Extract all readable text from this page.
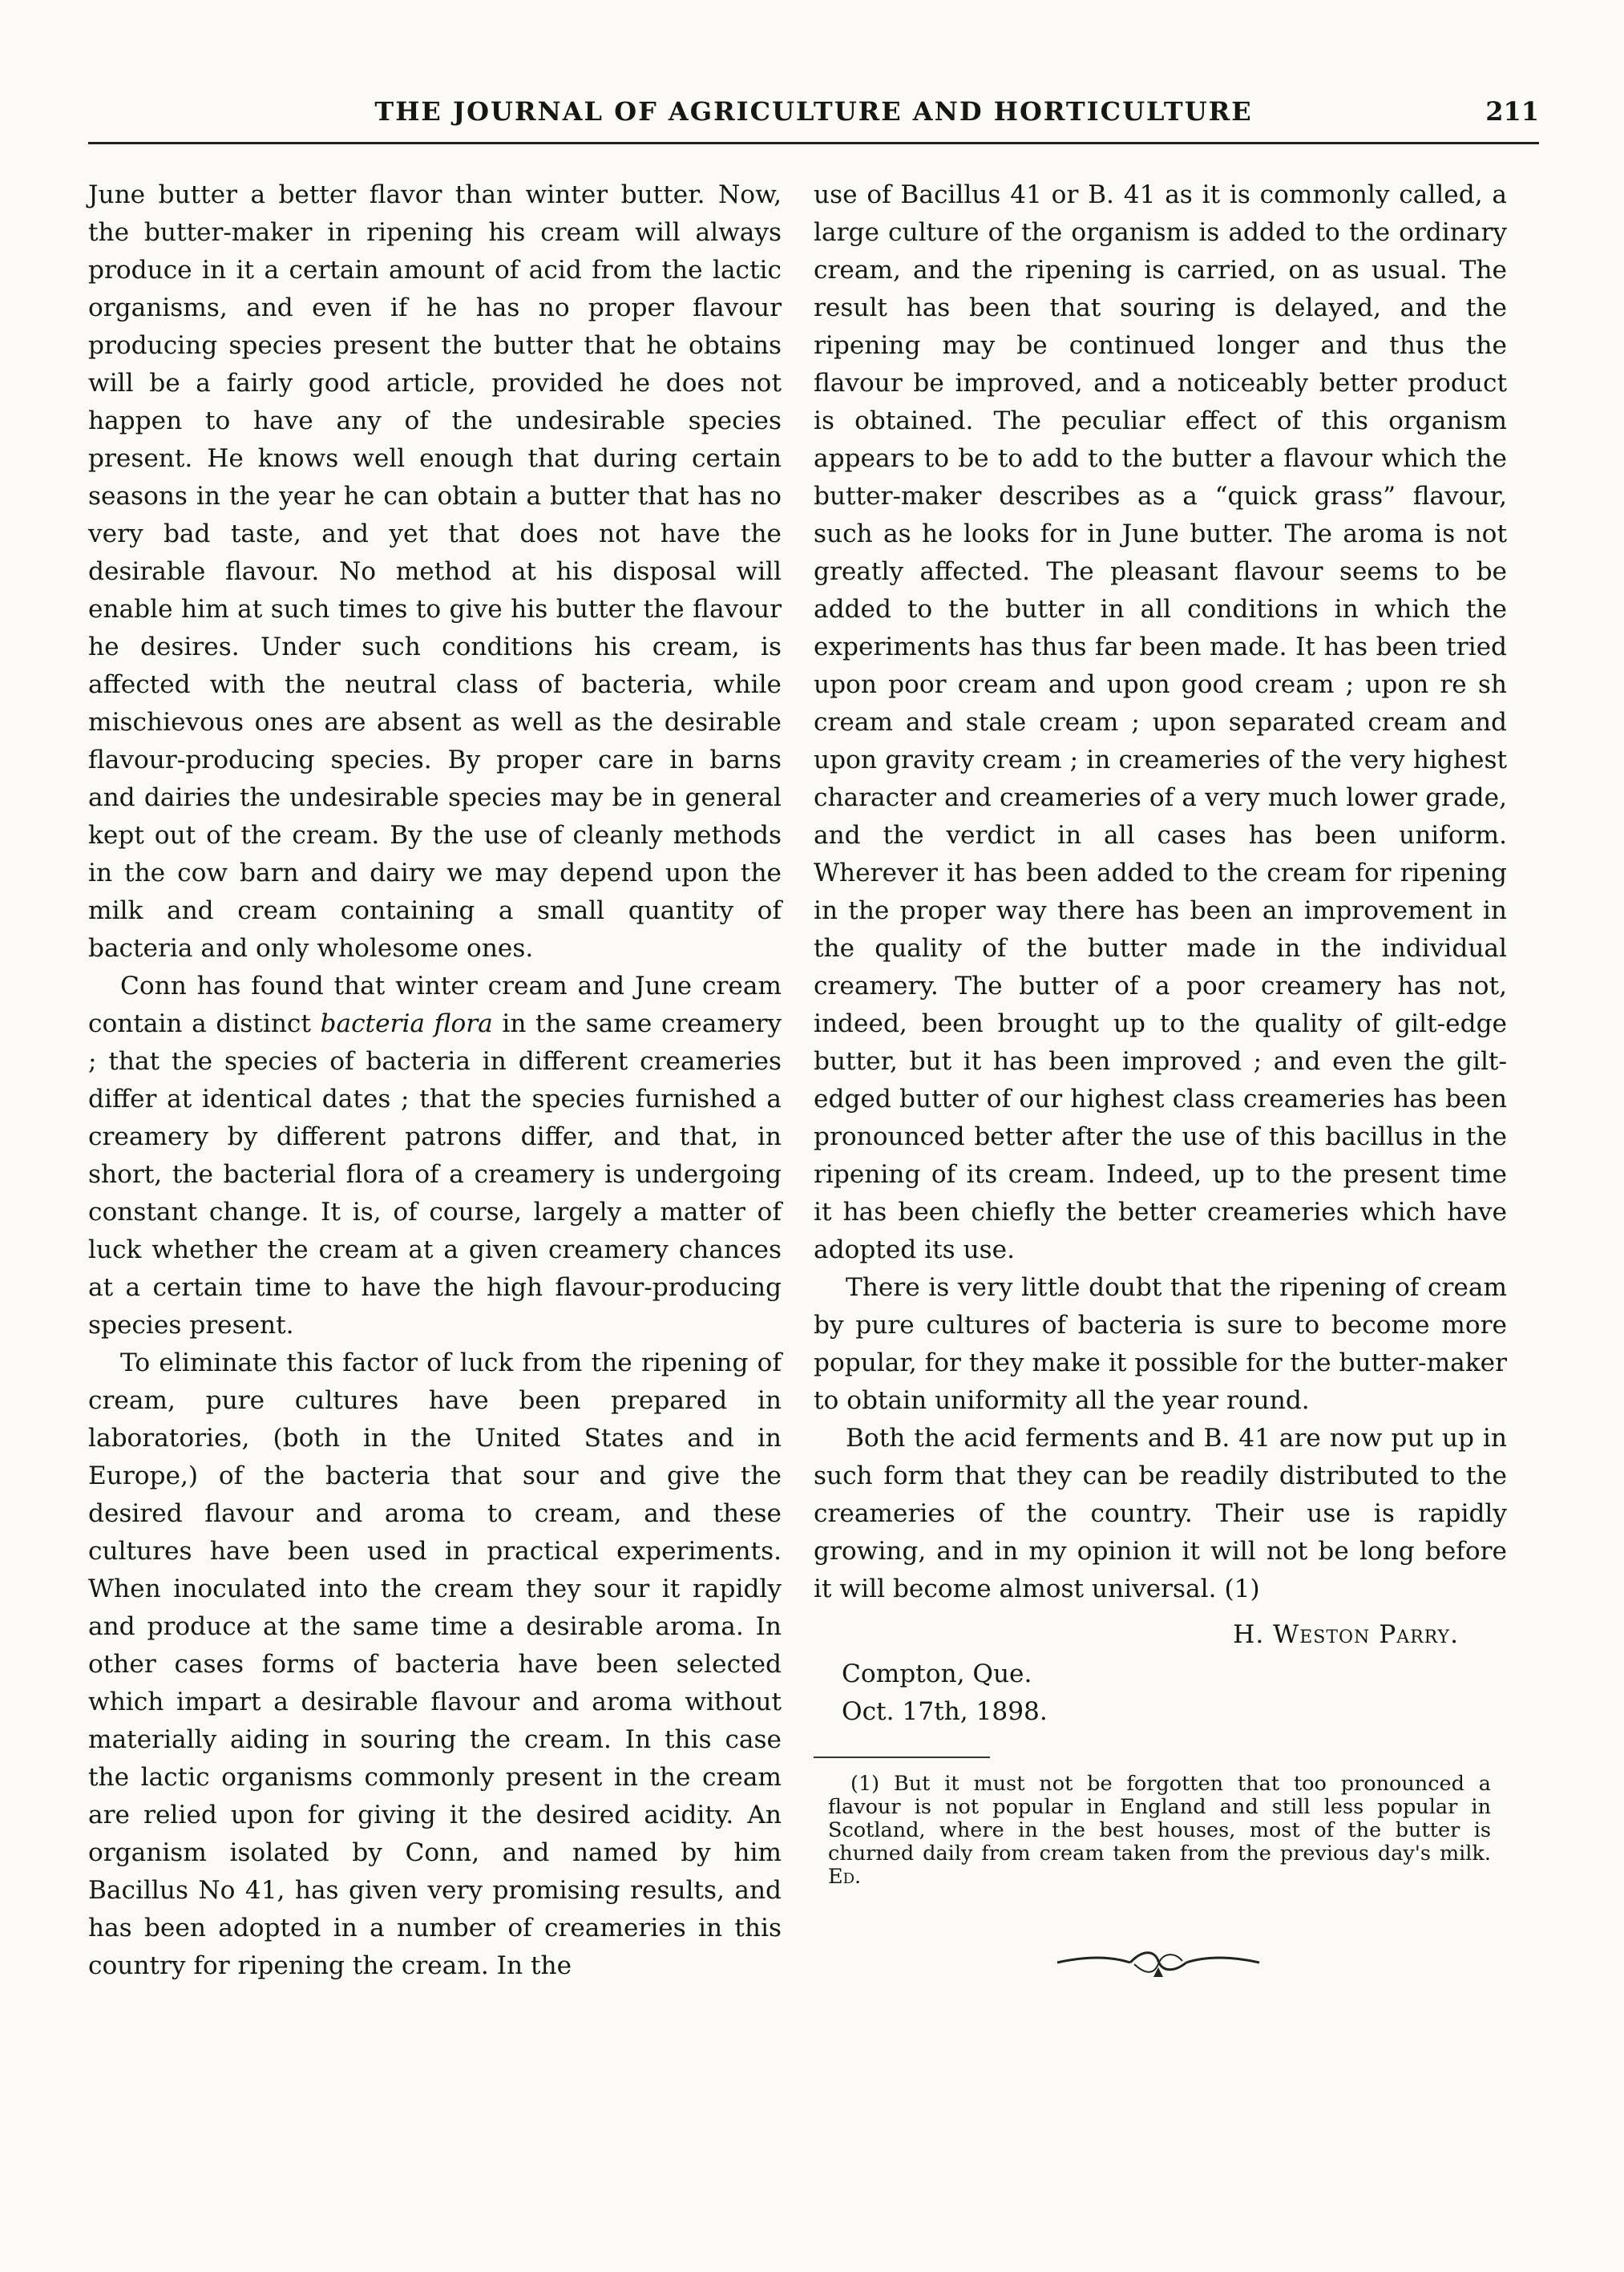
THE JOURNAL OF AGRICULTURE AND HORTICULTURE	211

June butter a better flavor than winter butter. Now, the butter-maker in ripening his cream will always produce in it a certain amount of acid from the lactic organisms, and even if he has no proper flavour producing species present the butter that he obtains will be a fairly good article, provided he does not happen to have any of the undesirable species present. He knows well enough that during certain seasons in the year he can obtain a butter that has no very bad taste, and yet that does not have the desirable flavour. No method at his disposal will enable him at such times to give his butter the flavour he desires. Under such conditions his cream, is affected with the neutral class of bacteria, while mischievous ones are absent as well as the desirable flavour-producing species. By proper care in barns and dairies the undesirable species may be in general kept out of the cream. By the use of cleanly methods in the cow barn and dairy we may depend upon the milk and cream containing a small quantity of bacteria and only wholesome ones.

Conn has found that winter cream and June cream contain a distinct bacteria flora in the same creamery ; that the species of bacteria in different creameries differ at identical dates ; that the species furnished a creamery by different patrons differ, and that, in short, the bacterial flora of a creamery is undergoing constant change. It is, of course, largely a matter of luck whether the cream at a given creamery chances at a certain time to have the high flavour-producing species present.

To eliminate this factor of luck from the ripening of cream, pure cultures have been prepared in laboratories, (both in the United States and in Europe,) of the bacteria that sour and give the desired flavour and aroma to cream, and these cultures have been used in practical experiments. When inoculated into the cream they sour it rapidly and produce at the same time a desirable aroma. In other cases forms of bacteria have been selected which impart a desirable flavour and aroma without materially aiding in souring the cream. In this case the lactic organisms commonly present in the cream are relied upon for giving it the desired acidity. An organism isolated by Conn, and named by him Bacillus No 41, has given very promising results, and has been adopted in a number of creameries in this country for ripening the cream. In the

use of Bacillus 41 or B. 41 as it is commonly called, a large culture of the organism is added to the ordinary cream, and the ripening is carried, on as usual. The result has been that souring is delayed, and the ripening may be continued longer and thus the flavour be improved, and a noticeably better product is obtained. The peculiar effect of this organism appears to be to add to the butter a flavour which the butter-maker describes as a “quick grass” flavour, such as he looks for in June butter. The aroma is not greatly affected. The pleasant flavour seems to be added to the butter in all conditions in which the experiments has thus far been made. It has been tried upon poor cream and upon good cream ; upon re sh cream and stale cream ; upon separated cream and upon gravity cream ; in creameries of the very highest character and creameries of a very much lower grade, and the verdict in all cases has been uniform. Wherever it has been added to the cream for ripening in the proper way there has been an improvement in the quality of the butter made in the individual creamery. The butter of a poor creamery has not, indeed, been brought up to the quality of gilt-edge butter, but it has been improved ; and even the gilt-edged butter of our highest class creameries has been pronounced better after the use of this bacillus in the ripening of its cream. Indeed, up to the present time it has been chiefly the better creameries which have adopted its use.

There is very little doubt that the ripening of cream by pure cultures of bacteria is sure to become more popular, for they make it possible for the butter-maker to obtain uniformity all the year round.

Both the acid ferments and B. 41 are now put up in such form that they can be readily distributed to the creameries of the country. Their use is rapidly growing, and in my opinion it will not be long before it will become almost universal. (1)

H. Weston Parry.
Compton, Que.
Oct. 17th, 1898.
(1) But it must not be forgotten that too pronounced a flavour is not popular in England and still less popular in Scotland, where in the best houses, most of the butter is churned daily from cream taken from the previous day's milk. Ed.
